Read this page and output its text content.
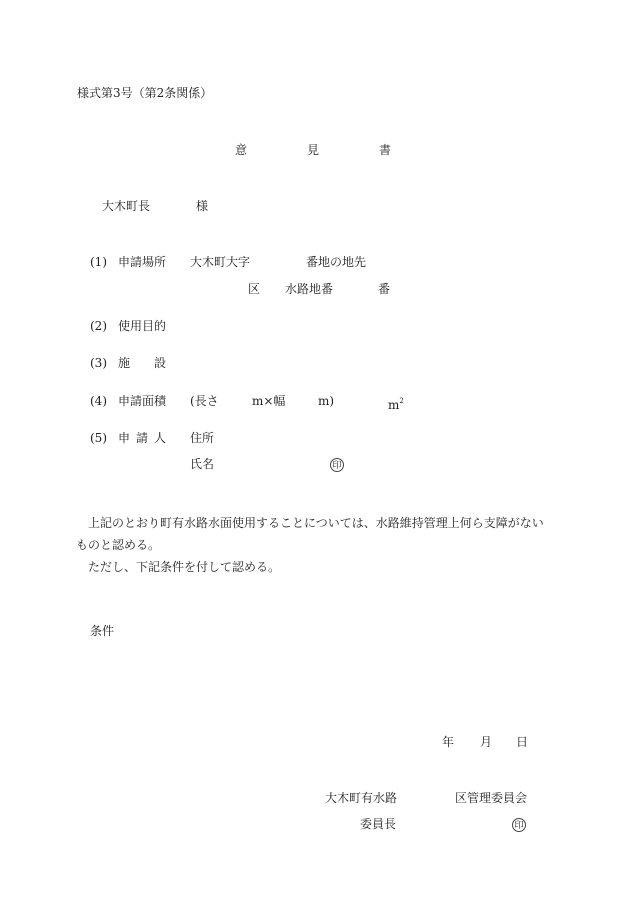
様式第3号（第2条関係）
意	見	書
大木町長	様
(1) 申請場所 大木町大字	番地の地先
区 水路地番	番
(2) 使用目的
(3) 施 設
(4) 申請面積 (長さ	m×幅	m)	$m^2$
(5) 申 請 人 住所
氏名	印

上記のとおり町有水路水面使用することについては、水路維持管理上何ら支障がないものと認める。

ただし、下記条件を付して認める。

条件
年 月 日
大木町有水路	区管理委員会
委員長	印
